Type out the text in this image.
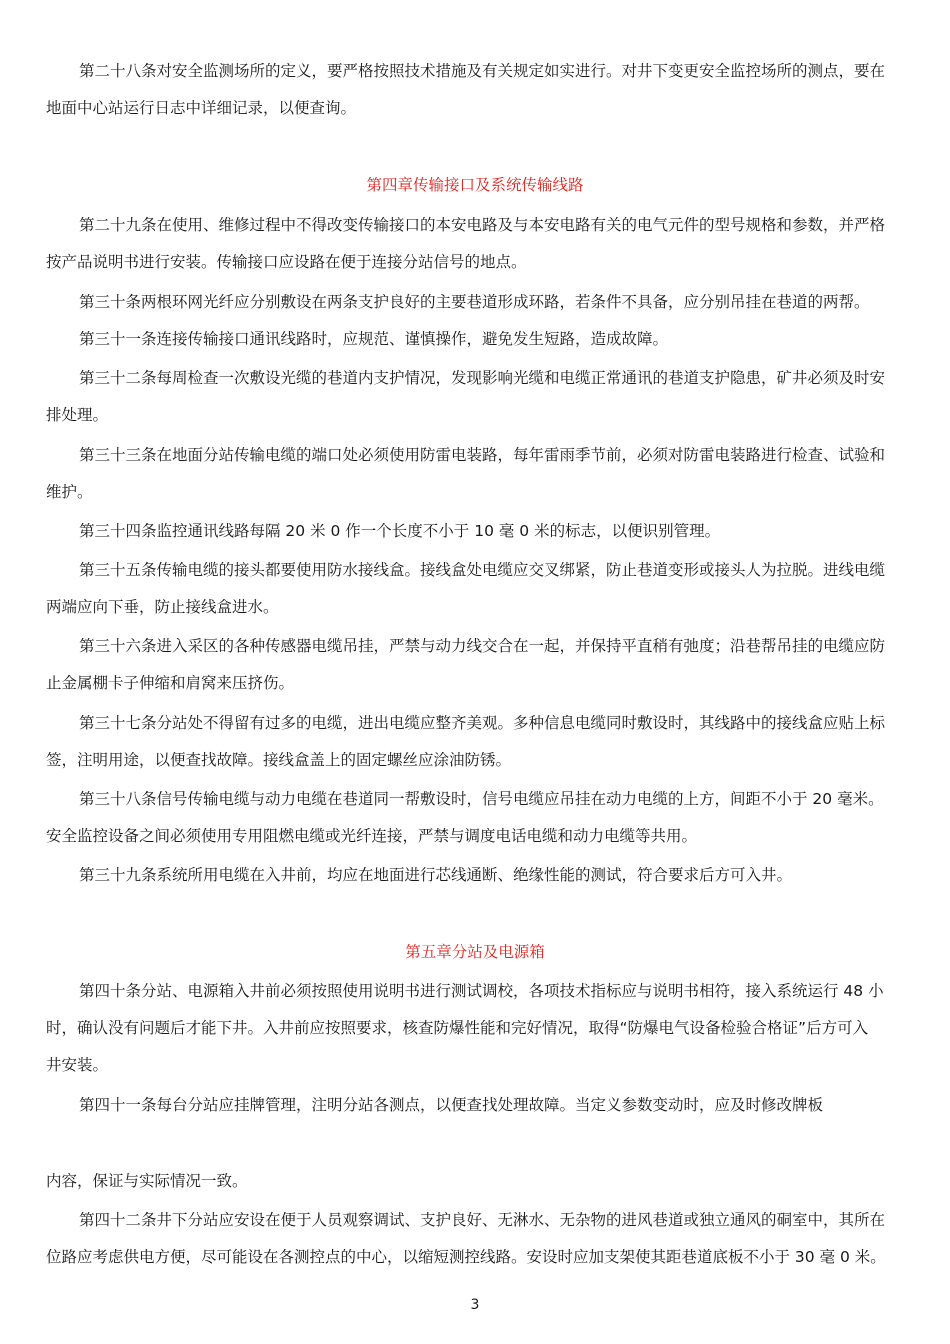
第二十八条对安全监测场所的定义，要严格按照技术措施及有关规定如实进行。对井下变更安全监控场所的测点，要在
地面中心站运行日志中详细记录，以便查询。
第四章传输接口及系统传输线路
第二十九条在使用、维修过程中不得改变传输接口的本安电路及与本安电路有关的电气元件的型号规格和参数，并严格
按产品说明书进行安装。传输接口应设路在便于连接分站信号的地点。
第三十条两根环网光纤应分别敷设在两条支护良好的主要巷道形成环路，若条件不具备，应分别吊挂在巷道的两帮。
第三十一条连接传输接口通讯线路时，应规范、谨慎操作，避免发生短路，造成故障。
第三十二条每周检查一次敷设光缆的巷道内支护情况，发现影响光缆和电缆正常通讯的巷道支护隐患，矿井必须及时安
排处理。
第三十三条在地面分站传输电缆的端口处必须使用防雷电装路，每年雷雨季节前，必须对防雷电装路进行检查、试验和
维护。
第三十四条监控通讯线路每隔 20 米 0 作一个长度不小于 10 毫 0 米的标志，以便识别管理。
第三十五条传输电缆的接头都要使用防水接线盒。接线盒处电缆应交叉绑紧，防止巷道变形或接头人为拉脱。进线电缆
两端应向下垂，防止接线盒进水。
第三十六条进入采区的各种传感器电缆吊挂，严禁与动力线交合在一起，并保持平直稍有弛度；沿巷帮吊挂的电缆应防
止金属棚卡子伸缩和肩窝来压挤伤。
第三十七条分站处不得留有过多的电缆，进出电缆应整齐美观。多种信息电缆同时敷设时，其线路中的接线盒应贴上标
签，注明用途，以便查找故障。接线盒盖上的固定螺丝应涂油防锈。
第三十八条信号传输电缆与动力电缆在巷道同一帮敷设时，信号电缆应吊挂在动力电缆的上方，间距不小于 20 毫米。
安全监控设备之间必须使用专用阻燃电缆或光纤连接，严禁与调度电话电缆和动力电缆等共用。
第三十九条系统所用电缆在入井前，均应在地面进行芯线通断、绝缘性能的测试，符合要求后方可入井。
第五章分站及电源箱
第四十条分站、电源箱入井前必须按照使用说明书进行测试调校，各项技术指标应与说明书相符，接入系统运行 48 小
时，确认没有问题后才能下井。入井前应按照要求，核查防爆性能和完好情况，取得“防爆电气设备检验合格证”后方可入
井安装。
第四十一条每台分站应挂牌管理，注明分站各测点，以便查找处理故障。当定义参数变动时，应及时修改牌板
内容，保证与实际情况一致。
第四十二条井下分站应安设在便于人员观察调试、支护良好、无淋水、无杂物的进风巷道或独立通风的硐室中，其所在
位路应考虑供电方便，尽可能设在各测控点的中心，以缩短测控线路。安设时应加支架使其距巷道底板不小于 30 毫 0 米。
3
